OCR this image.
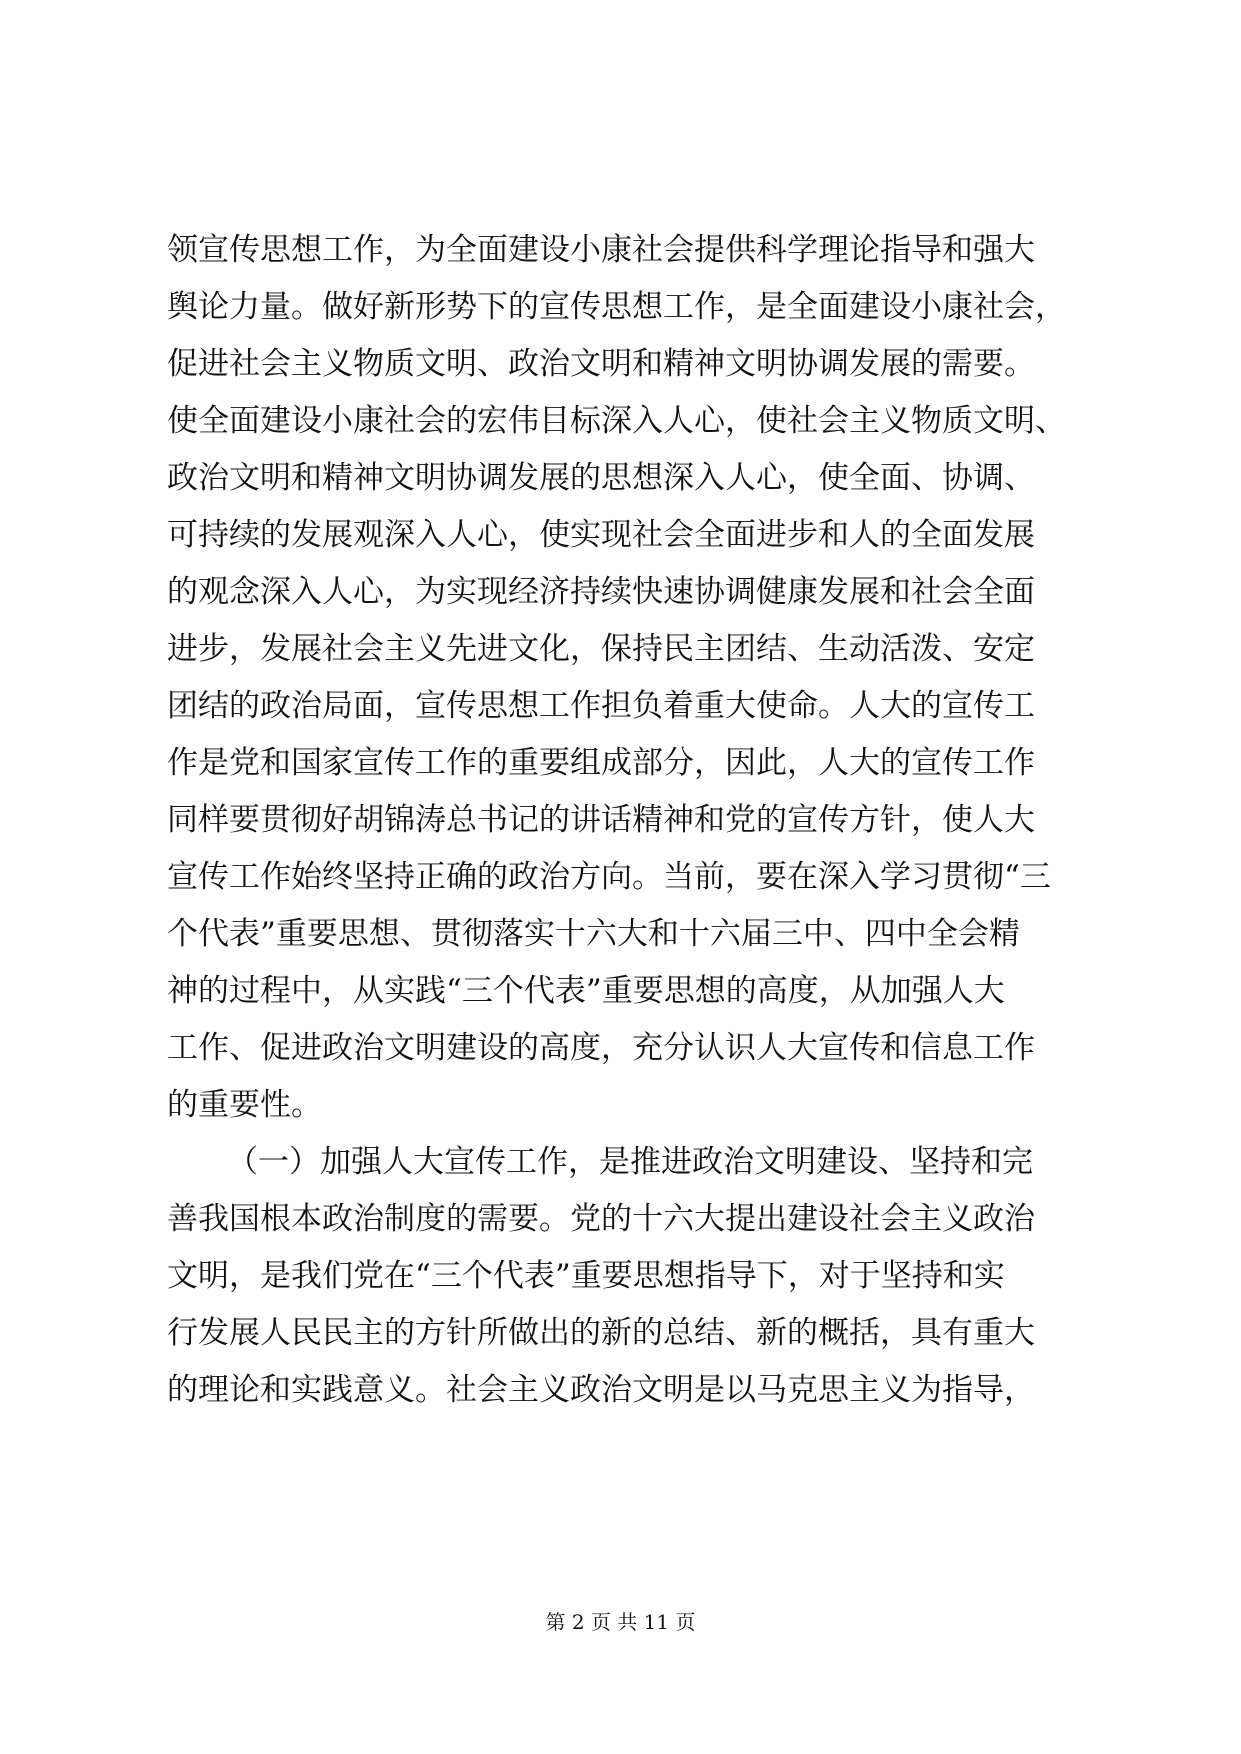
领宣传思想工作，为全面建设小康社会提供科学理论指导和强大
舆论力量。做好新形势下的宣传思想工作，是全面建设小康社会，
促进社会主义物质文明、政治文明和精神文明协调发展的需要。
使全面建设小康社会的宏伟目标深入人心，使社会主义物质文明、
政治文明和精神文明协调发展的思想深入人心，使全面、协调、
可持续的发展观深入人心，使实现社会全面进步和人的全面发展
的观念深入人心，为实现经济持续快速协调健康发展和社会全面
进步，发展社会主义先进文化，保持民主团结、生动活泼、安定
团结的政治局面，宣传思想工作担负着重大使命。人大的宣传工
作是党和国家宣传工作的重要组成部分，因此，人大的宣传工作
同样要贯彻好胡锦涛总书记的讲话精神和党的宣传方针，使人大
宣传工作始终坚持正确的政治方向。当前，要在深入学习贯彻“三
个代表”重要思想、贯彻落实十六大和十六届三中、四中全会精
神的过程中，从实践“三个代表”重要思想的高度，从加强人大
工作、促进政治文明建设的高度，充分认识人大宣传和信息工作
的重要性。
（一）加强人大宣传工作，是推进政治文明建设、坚持和完
善我国根本政治制度的需要。党的十六大提出建设社会主义政治
文明，是我们党在“三个代表”重要思想指导下，对于坚持和实
行发展人民民主的方针所做出的新的总结、新的概括，具有重大
的理论和实践意义。社会主义政治文明是以马克思主义为指导，
第 2 页 共 11 页
